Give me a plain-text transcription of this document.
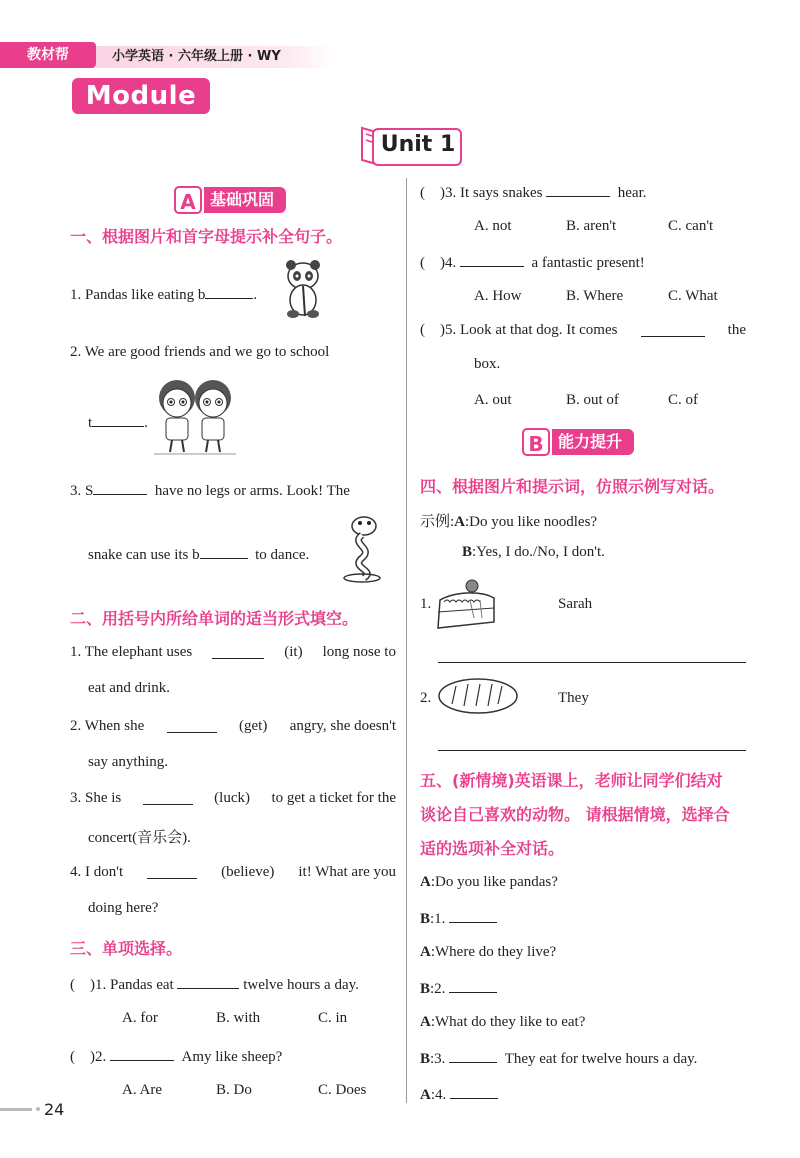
教材帮	小学英语 · 六年级上册 · WY
Module 7	Unit 1
A 基础巩固
一、根据图片和首字母提示补全句子。
1. Pandas like eating b	.
2. We are good friends and we go to school
t	.
3. S	have no legs or arms. Look! The
snake can use its b	to dance.
二、用括号内所给单词的适当形式填空。
1. The elephant uses	(it) long nose to
eat and drink.
2. When she	(get) angry, she doesn't
say anything.
3. She is	(luck) to get a ticket for the
concert(音乐会).
4. I don't	(believe) it! What are you
doing here?
三、单项选择。
(    )1. Pandas eat	twelve hours a day.
A. for	B. with	C. in
(    )2.	Amy like sheep?
A. Are	B. Do	C. Does
(    )3. It says snakes	hear.
A. not	B. aren't	C. can't
(    )4.	a fantastic present!
A. How	B. Where	C. What
(    )5. Look at that dog. It comes	the
box.
A. out	B. out of	C. of
B 能力提升
四、根据图片和提示词，仿照示例写对话。
示例:A:Do you like noodles?
B:Yes, I do./No, I don't.
1.	Sarah
2.	They
五、(新情境)英语课上，老师让同学们结对
谈论自己喜欢的动物。 请根据情境，选择合
适的选项补全对话。
A:Do you like pandas?
B:1.
A:Where do they live?
B:2.
A:What do they like to eat?
B:3.	They eat for twelve hours a day.
A:4.
24
